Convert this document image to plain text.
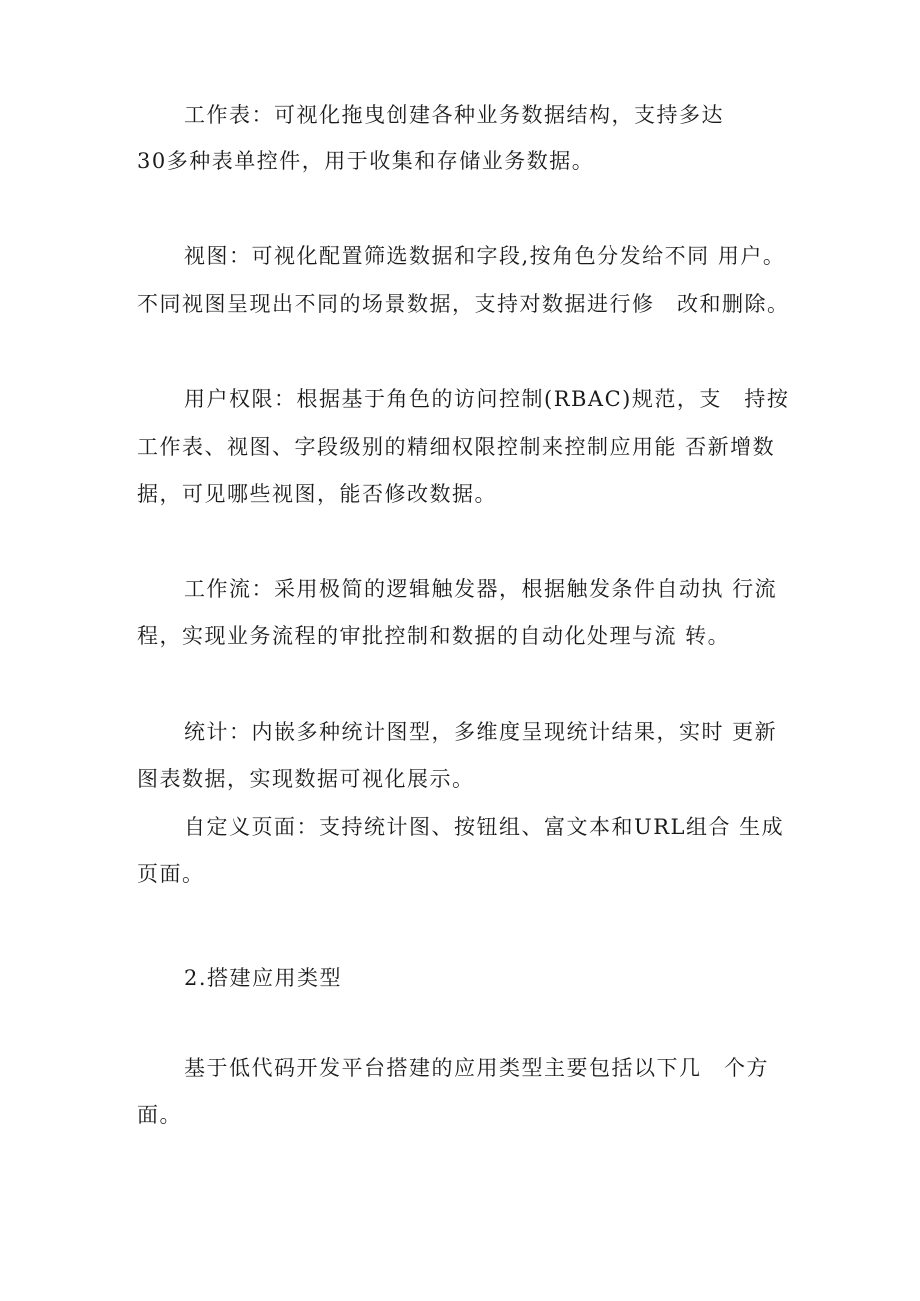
工作表：可视化拖曳创建各种业务数据结构，支持多达
30多种表单控件，用于收集和存储业务数据。
视图：可视化配置筛选数据和字段,按角色分发给不同 用户。
不同视图呈现出不同的场景数据，支持对数据进行修　改和删除。
用户权限：根据基于角色的访问控制(RBAC)规范，支　持按
工作表、视图、字段级别的精细权限控制来控制应用能 否新增数
据，可见哪些视图，能否修改数据。
工作流：采用极简的逻辑触发器，根据触发条件自动执 行流
程，实现业务流程的审批控制和数据的自动化处理与流 转。
统计：内嵌多种统计图型，多维度呈现统计结果，实时 更新
图表数据，实现数据可视化展示。
自定义页面：支持统计图、按钮组、富文本和URL组合 生成
页面。
2.搭建应用类型
基于低代码开发平台搭建的应用类型主要包括以下几　个方
面。
